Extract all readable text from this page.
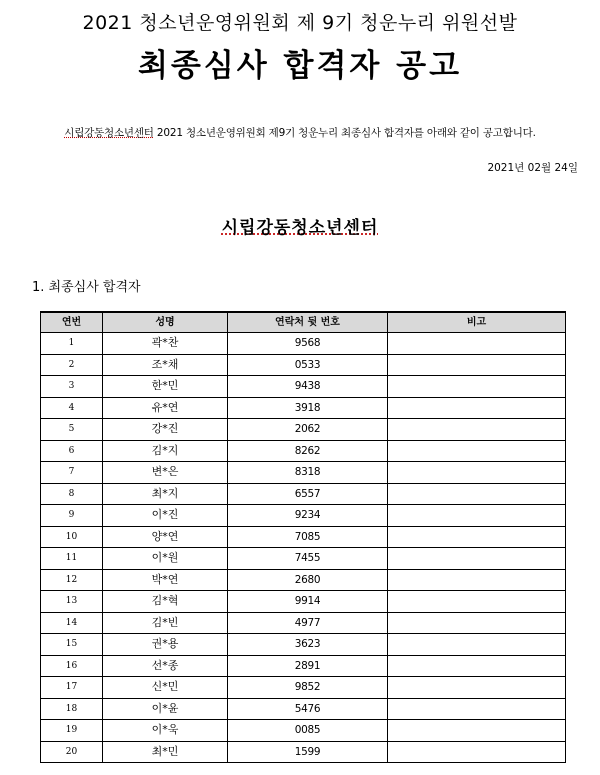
2021 청소년운영위원회 제 9기 청운누리 위원선발
최종심사 합격자 공고
시립강동청소년센터 2021 청소년운영위원회 제9기 청운누리 최종심사 합격자를 아래와 같이 공고합니다.
2021년 02월 24일
시립강동청소년센터
1. 최종심사 합격자
연번	성명	연락처 뒷 번호	비고
1	곽*찬	9568	
2	조*채	0533	
3	한*민	9438	
4	유*연	3918	
5	강*진	2062	
6	김*지	8262	
7	변*은	8318	
8	최*지	6557	
9	이*진	9234	
10	양*연	7085	
11	이*원	7455	
12	박*연	2680	
13	김*혁	9914	
14	김*빈	4977	
15	권*용	3623	
16	선*종	2891	
17	신*민	9852	
18	이*윤	5476	
19	이*욱	0085	
20	최*민	1599	
